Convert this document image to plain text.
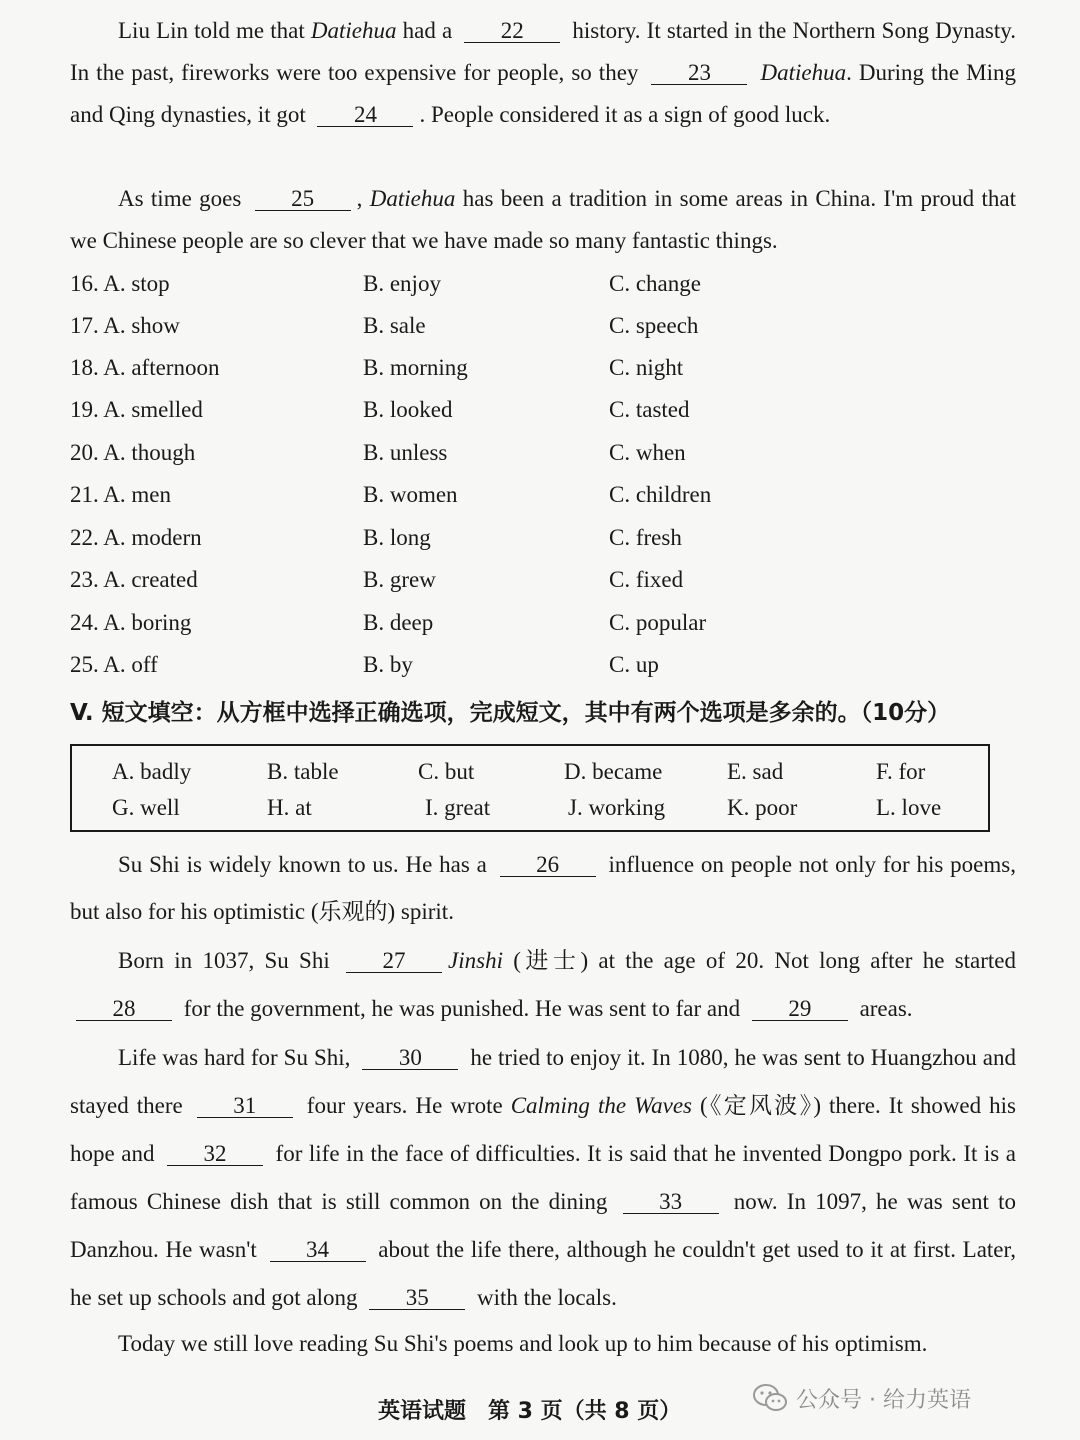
Liu Lin told me that Datiehua had a 22 history. It started in the Northern Song Dynasty. In the past, fireworks were too expensive for people, so they 23 Datiehua. During the Ming and Qing dynasties, it got 24 . People considered it as a sign of good luck.
As time goes 25 , Datiehua has been a tradition in some areas in China. I'm proud that we Chinese people are so clever that we have made so many fantastic things.
16. A. stop	B. enjoy	C. change
17. A. show	B. sale	C. speech
18. A. afternoon	B. morning	C. night
19. A. smelled	B. looked	C. tasted
20. A. though	B. unless	C. when
21. A. men	B. women	C. children
22. A. modern	B. long	C. fresh
23. A. created	B. grew	C. fixed
24. A. boring	B. deep	C. popular
25. A. off	B. by	C. up
V. 短文填空：从方框中选择正确选项，完成短文，其中有两个选项是多余的。（10分）
A. badly	B. table	C. but	D. became	E. sad	F. for
G. well	H. at	I. great	J. working	K. poor	L. love
Su Shi is widely known to us. He has a 26 influence on people not only for his poems, but also for his optimistic (乐观的) spirit.
Born in 1037, Su Shi 27 Jinshi (进士) at the age of 20. Not long after he started 28 for the government, he was punished. He was sent to far and 29 areas.
Life was hard for Su Shi, 30 he tried to enjoy it. In 1080, he was sent to Huangzhou and stayed there 31 four years. He wrote Calming the Waves (《定风波》) there. It showed his hope and 32 for life in the face of difficulties. It is said that he invented Dongpo pork. It is a famous Chinese dish that is still common on the dining 33 now. In 1097, he was sent to Danzhou. He wasn't 34 about the life there, although he couldn't get used to it at first. Later, he set up schools and got along 35 with the locals.
Today we still love reading Su Shi's poems and look up to him because of his optimism.
英语试题　第 3 页（共 8 页）	公众号 · 给力英语
